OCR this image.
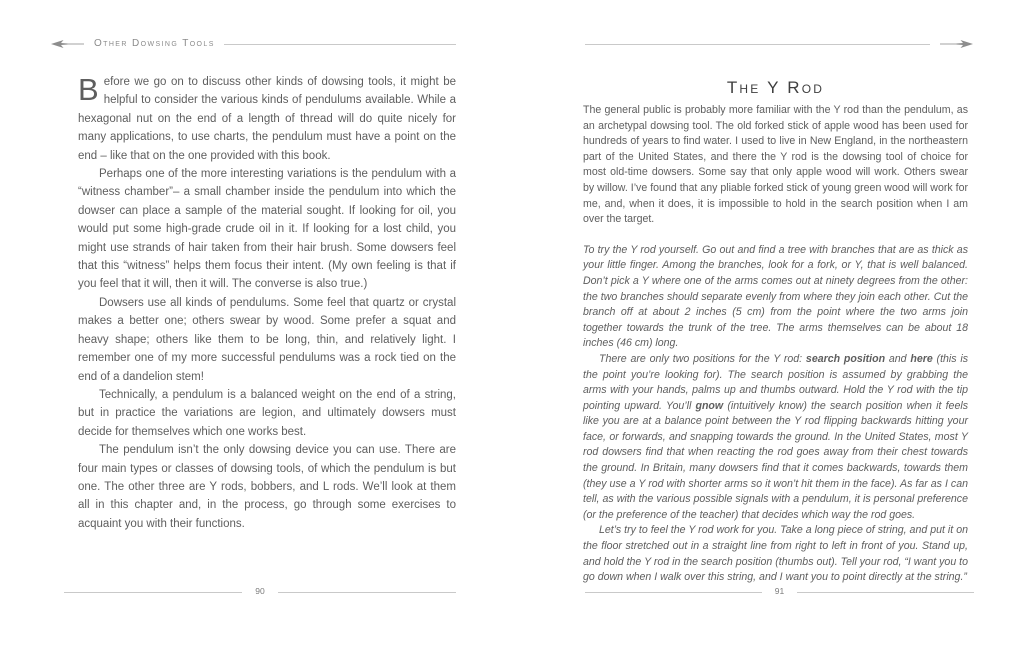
Other Dowsing Tools

Before we go on to discuss other kinds of dowsing tools, it might be helpful to consider the various kinds of pendulums available. While a hexagonal nut on the end of a length of thread will do quite nicely for many applications, to use charts, the pendulum must have a point on the end – like that on the one provided with this book.

Perhaps one of the more interesting variations is the pendulum with a “witness chamber”– a small chamber inside the pendulum into which the dowser can place a sample of the material sought. If looking for oil, you would put some high-grade crude oil in it. If looking for a lost child, you might use strands of hair taken from their hair brush. Some dowsers feel that this “witness” helps them focus their intent. (My own feeling is that if you feel that it will, then it will. The converse is also true.)

Dowsers use all kinds of pendulums. Some feel that quartz or crystal makes a better one; others swear by wood. Some prefer a squat and heavy shape; others like them to be long, thin, and relatively light. I remember one of my more successful pendulums was a rock tied on the end of a dandelion stem!

Technically, a pendulum is a balanced weight on the end of a string, but in practice the variations are legion, and ultimately dowsers must decide for themselves which one works best.

The pendulum isn’t the only dowsing device you can use. There are four main types or classes of dowsing tools, of which the pendulum is but one. The other three are Y rods, bobbers, and L rods. We’ll look at them all in this chapter and, in the process, go through some exercises to acquaint you with their functions.

90
The Y Rod

The general public is probably more familiar with the Y rod than the pendulum, as an archetypal dowsing tool. The old forked stick of apple wood has been used for hundreds of years to find water. I used to live in New England, in the northeastern part of the United States, and there the Y rod is the dowsing tool of choice for most old-time dowsers. Some say that only apple wood will work. Others swear by willow. I’ve found that any pliable forked stick of young green wood will work for me, and, when it does, it is impossible to hold in the search position when I am over the target.

To try the Y rod yourself. Go out and find a tree with branches that are as thick as your little finger. Among the branches, look for a fork, or Y, that is well balanced. Don’t pick a Y where one of the arms comes out at ninety degrees from the other: the two branches should separate evenly from where they join each other. Cut the branch off at about 2 inches (5 cm) from the point where the two arms join together towards the trunk of the tree. The arms themselves can be about 18 inches (46 cm) long.

There are only two positions for the Y rod: search position and here (this is the point you’re looking for). The search position is assumed by grabbing the arms with your hands, palms up and thumbs outward. Hold the Y rod with the tip pointing upward. You’ll gnow (intuitively know) the search position when it feels like you are at a balance point between the Y rod flipping backwards hitting your face, or forwards, and snapping towards the ground. In the United States, most Y rod dowsers find that when reacting the rod goes away from their chest towards the ground. In Britain, many dowsers find that it comes backwards, towards them (they use a Y rod with shorter arms so it won’t hit them in the face). As far as I can tell, as with the various possible signals with a pendulum, it is personal preference (or the preference of the teacher) that decides which way the rod goes.

Let’s try to feel the Y rod work for you. Take a long piece of string, and put it on the floor stretched out in a straight line from right to left in front of you. Stand up, and hold the Y rod in the search position (thumbs out). Tell your rod, “I want you to go down when I walk over this string, and I want you to point directly at the string.”

91
